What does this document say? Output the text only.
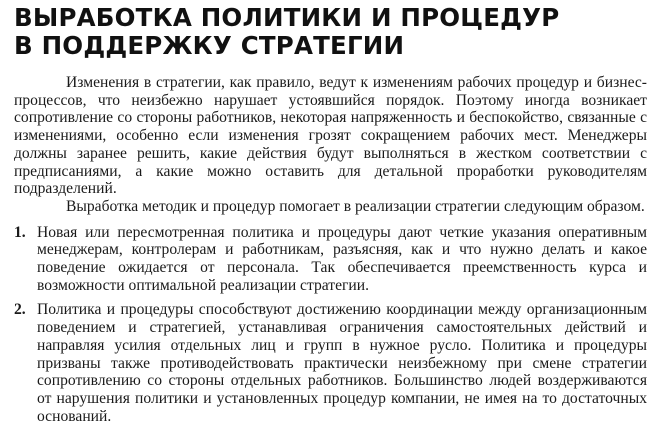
ВЫРАБОТКА ПОЛИТИКИ И ПРОЦЕДУР
В ПОДДЕРЖКУ СТРАТЕГИИ

Изменения в стратегии, как правило, ведут к изменениям рабочих процедур и бизнес-процессов, что неизбежно нарушает устоявшийся порядок. Поэтому иногда возникает сопротивление со стороны работников, некоторая напряженность и беспокойство, связанные с изменениями, особенно если изменения грозят сокращением рабочих мест. Менеджеры должны заранее решить, какие действия будут выполняться в жестком соответствии с предписаниями, а какие можно оставить для детальной проработки руководителям подразделений.

Выработка методик и процедур помогает в реализации стратегии следующим образом.

1. Новая или пересмотренная политика и процедуры дают четкие указания оперативным менеджерам, контролерам и работникам, разъясняя, как и что нужно делать и какое поведение ожидается от персонала. Так обеспечивается преемственность курса и возможности оптимальной реализации стратегии.
2. Политика и процедуры способствуют достижению координации между организационным поведением и стратегией, устанавливая ограничения самостоятельных действий и направляя усилия отдельных лиц и групп в нужное русло. Политика и процедуры призваны также противодействовать практически неизбежному при смене стратегии сопротивлению со стороны отдельных работников. Большинство людей воздерживаются от нарушения политики и установленных процедур компании, не имея на то достаточных оснований.
